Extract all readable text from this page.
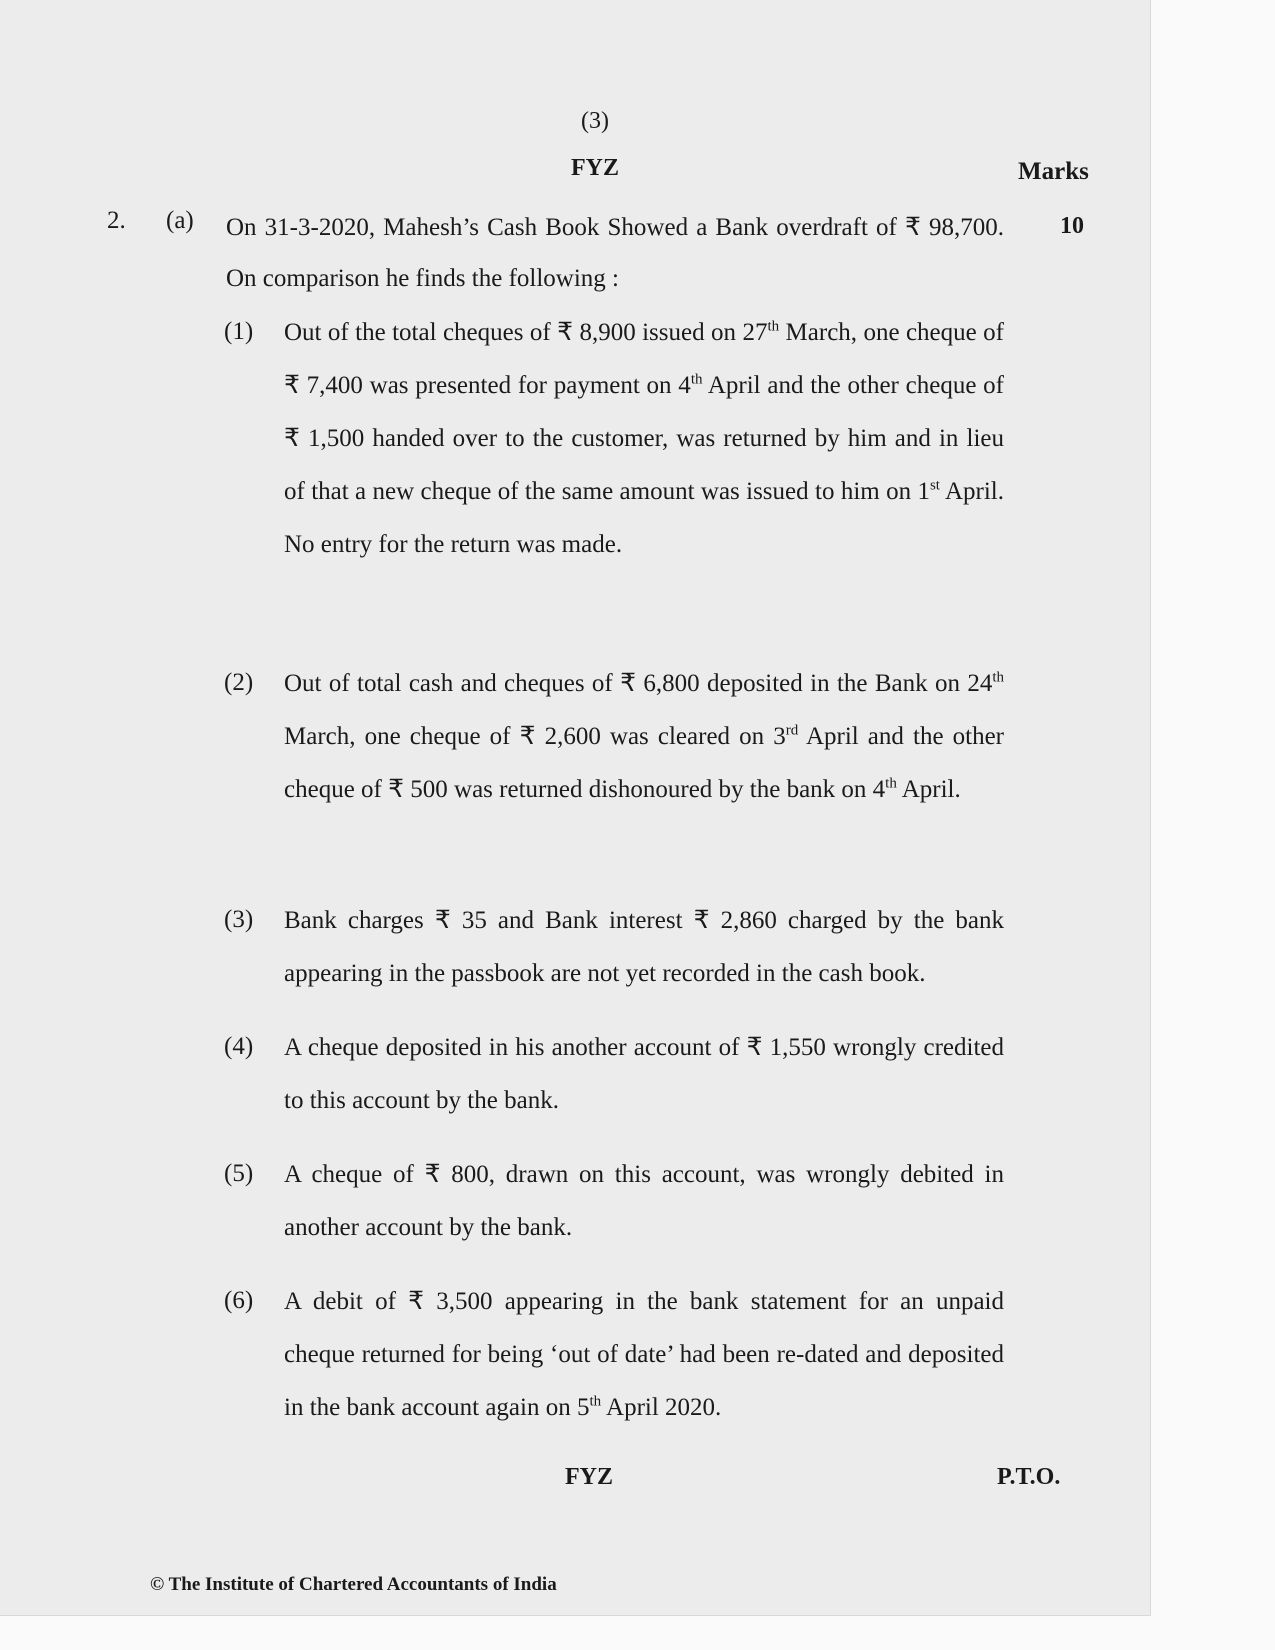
(3)
FYZ	Marks
2. (a)	10
On 31-3-2020, Mahesh’s Cash Book Showed a Bank overdraft of ₹ 98,700. On comparison he finds the following :
(1) Out of the total cheques of ₹ 8,900 issued on 27th March, one cheque of ₹ 7,400 was presented for payment on 4th April and the other cheque of ₹ 1,500 handed over to the customer, was returned by him and in lieu of that a new cheque of the same amount was issued to him on 1st April. No entry for the return was made.
(2) Out of total cash and cheques of ₹ 6,800 deposited in the Bank on 24th March, one cheque of ₹ 2,600 was cleared on 3rd April and the other cheque of ₹ 500 was returned dishonoured by the bank on 4th April.
(3) Bank charges ₹ 35 and Bank interest ₹ 2,860 charged by the bank appearing in the passbook are not yet recorded in the cash book.
(4) A cheque deposited in his another account of ₹ 1,550 wrongly credited to this account by the bank.
(5) A cheque of ₹ 800, drawn on this account, was wrongly debited in another account by the bank.
(6) A debit of ₹ 3,500 appearing in the bank statement for an unpaid cheque returned for being ‘out of date’ had been re-dated and deposited in the bank account again on 5th April 2020.
FYZ	P.T.O.
© The Institute of Chartered Accountants of India
